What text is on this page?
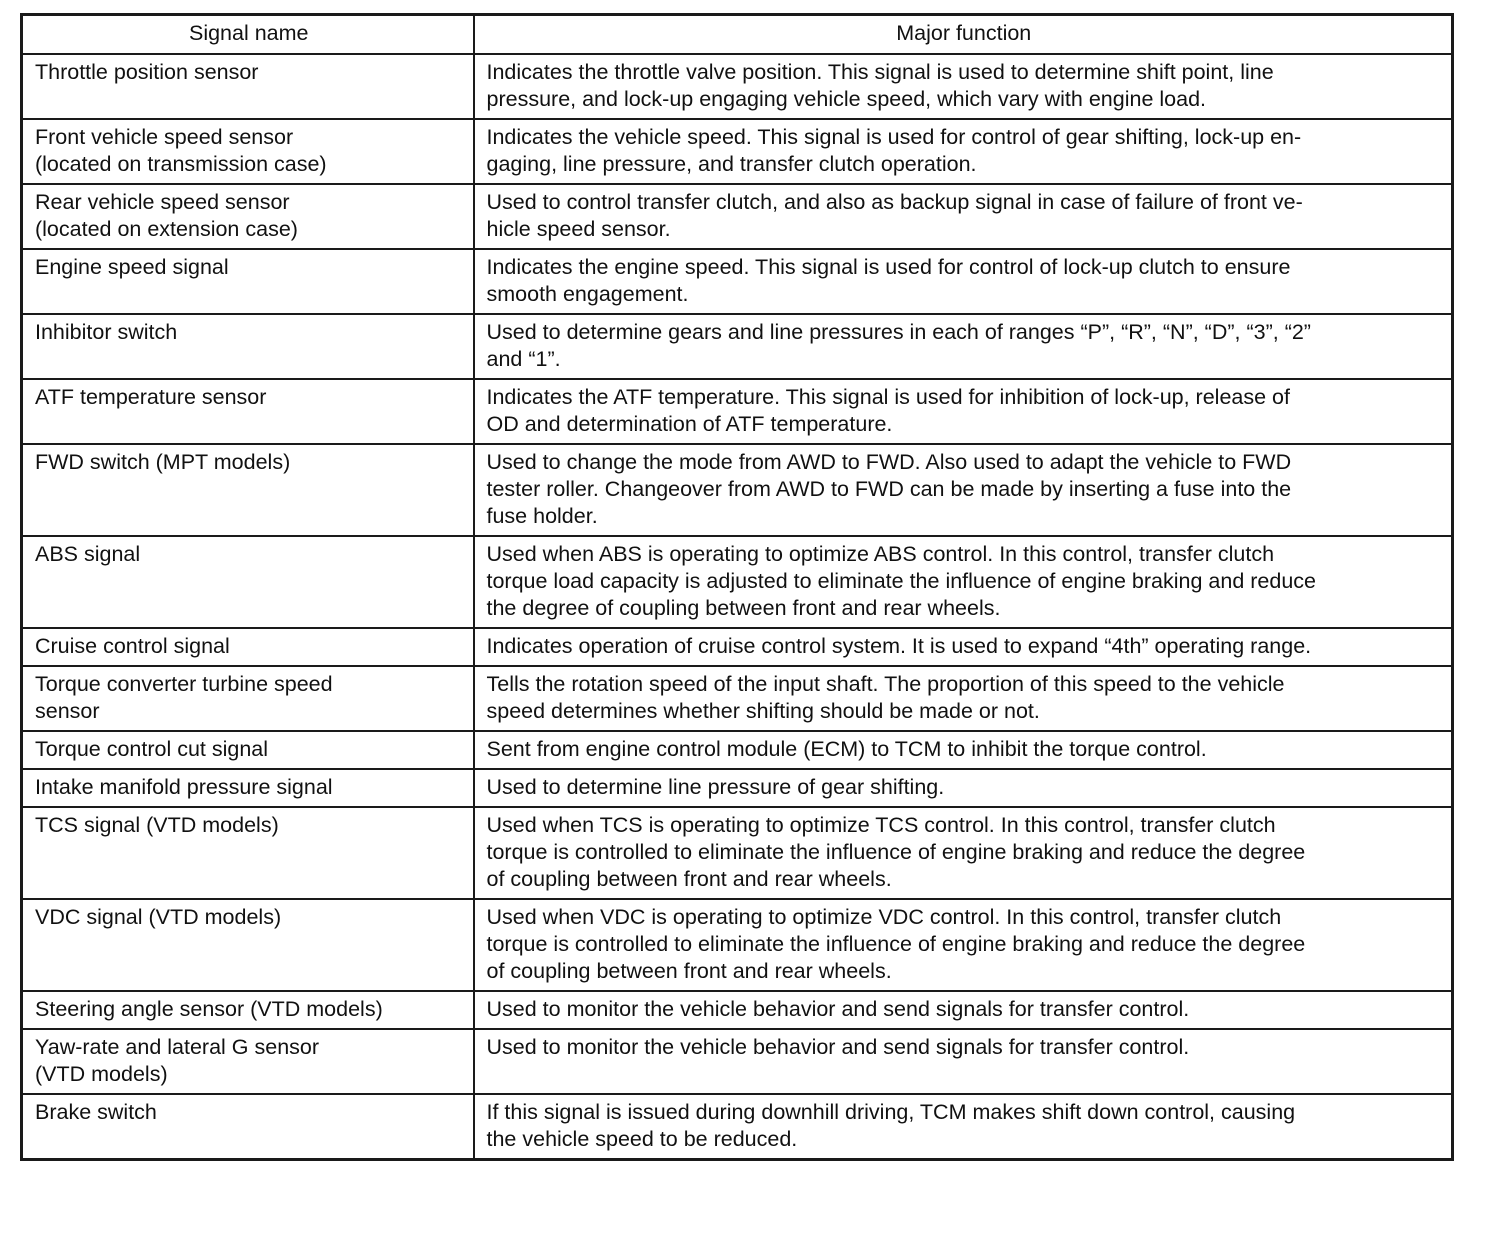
Signal name	Major function
Throttle position sensor	Indicates the throttle valve position. This signal is used to determine shift point, line
pressure, and lock-up engaging vehicle speed, which vary with engine load.
Front vehicle speed sensor
(located on transmission case)	Indicates the vehicle speed. This signal is used for control of gear shifting, lock-up en-
gaging, line pressure, and transfer clutch operation.
Rear vehicle speed sensor
(located on extension case)	Used to control transfer clutch, and also as backup signal in case of failure of front ve-
hicle speed sensor.
Engine speed signal	Indicates the engine speed. This signal is used for control of lock-up clutch to ensure
smooth engagement.
Inhibitor switch	Used to determine gears and line pressures in each of ranges “P”, “R”, “N”, “D”, “3”, “2”
and “1”.
ATF temperature sensor	Indicates the ATF temperature. This signal is used for inhibition of lock-up, release of
OD and determination of ATF temperature.
FWD switch (MPT models)	Used to change the mode from AWD to FWD. Also used to adapt the vehicle to FWD
tester roller. Changeover from AWD to FWD can be made by inserting a fuse into the
fuse holder.
ABS signal	Used when ABS is operating to optimize ABS control. In this control, transfer clutch
torque load capacity is adjusted to eliminate the influence of engine braking and reduce
the degree of coupling between front and rear wheels.
Cruise control signal	Indicates operation of cruise control system. It is used to expand “4th” operating range.
Torque converter turbine speed
sensor	Tells the rotation speed of the input shaft. The proportion of this speed to the vehicle
speed determines whether shifting should be made or not.
Torque control cut signal	Sent from engine control module (ECM) to TCM to inhibit the torque control.
Intake manifold pressure signal	Used to determine line pressure of gear shifting.
TCS signal (VTD models)	Used when TCS is operating to optimize TCS control. In this control, transfer clutch
torque is controlled to eliminate the influence of engine braking and reduce the degree
of coupling between front and rear wheels.
VDC signal (VTD models)	Used when VDC is operating to optimize VDC control. In this control, transfer clutch
torque is controlled to eliminate the influence of engine braking and reduce the degree
of coupling between front and rear wheels.
Steering angle sensor (VTD models)	Used to monitor the vehicle behavior and send signals for transfer control.
Yaw-rate and lateral G sensor
(VTD models)	Used to monitor the vehicle behavior and send signals for transfer control.
Brake switch	If this signal is issued during downhill driving, TCM makes shift down control, causing
the vehicle speed to be reduced.
